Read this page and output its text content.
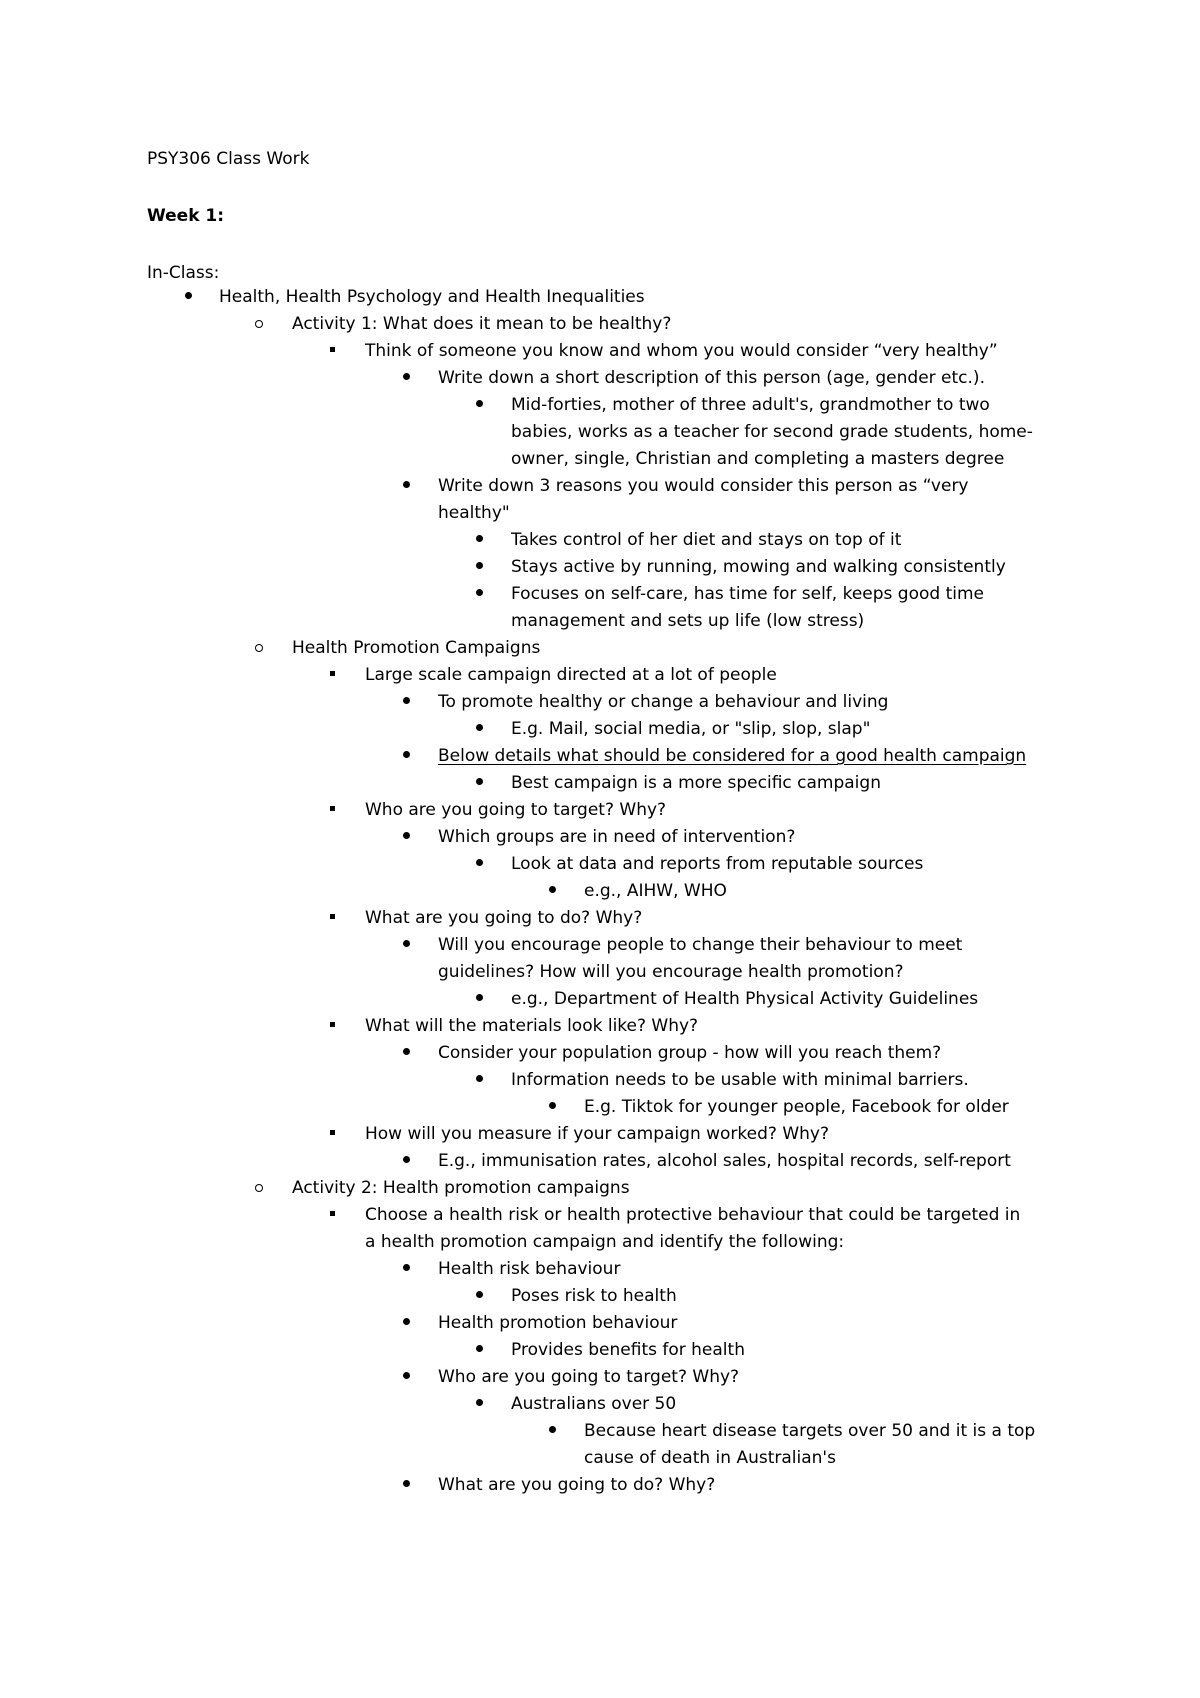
PSY306 Class Work
Week 1:
In-Class:
Health, Health Psychology and Health Inequalities
Activity 1: What does it mean to be healthy?
Think of someone you know and whom you would consider “very healthy”
Write down a short description of this person (age, gender etc.).
Mid-forties, mother of three adult's, grandmother to two
babies, works as a teacher for second grade students, home-
owner, single, Christian and completing a masters degree
Write down 3 reasons you would consider this person as “very
healthy"
Takes control of her diet and stays on top of it
Stays active by running, mowing and walking consistently
Focuses on self-care, has time for self, keeps good time
management and sets up life (low stress)
Health Promotion Campaigns
Large scale campaign directed at a lot of people
To promote healthy or change a behaviour and living
E.g. Mail, social media, or "slip, slop, slap"
Below details what should be considered for a good health campaign
Best campaign is a more specific campaign
Who are you going to target? Why?
Which groups are in need of intervention?
Look at data and reports from reputable sources
e.g., AIHW, WHO
What are you going to do? Why?
Will you encourage people to change their behaviour to meet
guidelines? How will you encourage health promotion?
e.g., Department of Health Physical Activity Guidelines
What will the materials look like? Why?
Consider your population group - how will you reach them?
Information needs to be usable with minimal barriers.
E.g. Tiktok for younger people, Facebook for older
How will you measure if your campaign worked? Why?
E.g., immunisation rates, alcohol sales, hospital records, self-report
Activity 2: Health promotion campaigns
Choose a health risk or health protective behaviour that could be targeted in
a health promotion campaign and identify the following:
Health risk behaviour
Poses risk to health
Health promotion behaviour
Provides benefits for health
Who are you going to target? Why?
Australians over 50
Because heart disease targets over 50 and it is a top
cause of death in Australian's
What are you going to do? Why?
